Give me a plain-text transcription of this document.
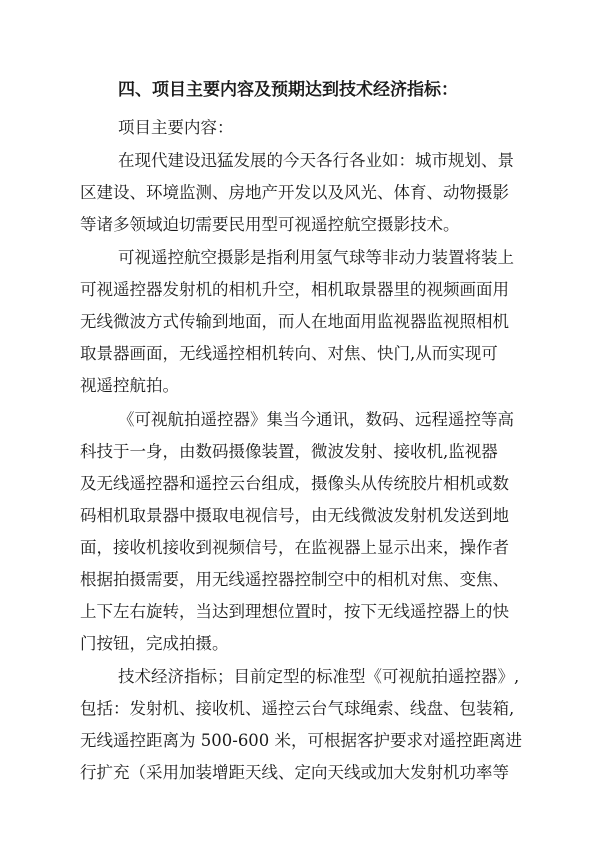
四、项目主要内容及预期达到技术经济指标：
项目主要内容：
在现代建设迅猛发展的今天各行各业如：城市规划、景
区建设、环境监测、房地产开发以及风光、体育、动物摄影
等诸多领域迫切需要民用型可视遥控航空摄影技术。
可视遥控航空摄影是指利用氢气球等非动力装置将装上
可视遥控器发射机的相机升空，相机取景器里的视频画面用
无线微波方式传输到地面，而人在地面用监视器监视照相机
取景器画面，无线遥控相机转向、对焦、快门,从而实现可
视遥控航拍。
《可视航拍遥控器》集当今通讯，数码、远程遥控等高
科技于一身，由数码摄像装置，微波发射、接收机,监视器
及无线遥控器和遥控云台组成，摄像头从传统胶片相机或数
码相机取景器中摄取电视信号，由无线微波发射机发送到地
面，接收机接收到视频信号，在监视器上显示出来，操作者
根据拍摄需要，用无线遥控器控制空中的相机对焦、变焦、
上下左右旋转，当达到理想位置时，按下无线遥控器上的快
门按钮，完成拍摄。
技术经济指标；目前定型的标准型《可视航拍遥控器》,
包括：发射机、接收机、遥控云台气球绳索、线盘、包装箱,
无线遥控距离为 500-600 米，可根据客护要求对遥控距离进
行扩充（采用加装增距天线、定向天线或加大发射机功率等
